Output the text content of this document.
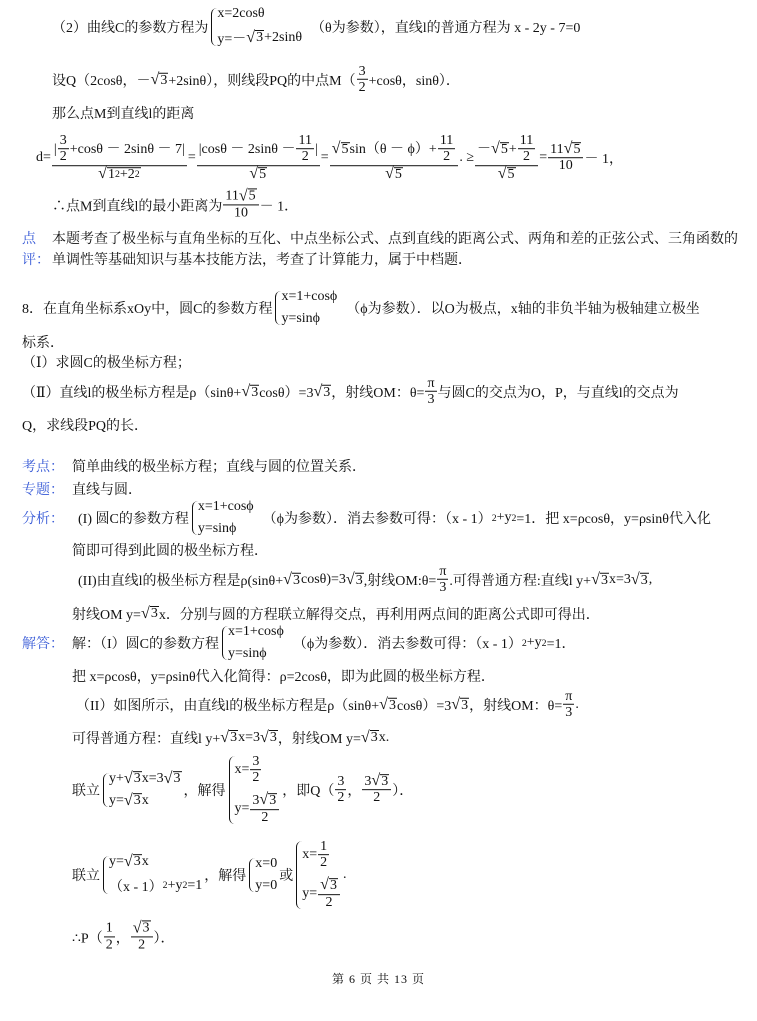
（2）曲线C的参数方程为
x=2cosθ
y=－ √ 3 +2sinθ
　（θ为参数），直线l的普通方程为 x - 2y - 7=0
设Q（2cosθ，－ √ 3 +2sinθ），则线段PQ的中点$M( \frac{3}{2} +\cos\theta$，sinθ）．
那么点M到直线l的距离
$d= \frac{| \frac{3}{2} +\cos\theta - 2\sin\theta - 7|}{√ 1 2 +2 2} = \frac{|\cos\theta - 2\sin\theta - \frac{11}{2} |}{√ 5} = \frac{√ 5 \sin(\theta - \phi)+ \frac{11}{2}}{√ 5}$ . ≥ $\frac{- √ 5 + \frac{11}{2}}{√ 5} = \frac{11 √ 5}{10} - 1$，
∴点M到直线l的最小距离为 $\frac{11 √ 5}{10} - 1$．
本题考查了极坐标与直角坐标的互化、中点坐标公式、点到直线的距离公式、两角和差的正弦公式、三角函数的
点
单调性等基础知识与基本技能方法，考查了计算能力，属于中档题．
评：
8．在直角坐标系xOy中，圆C的参数方程
x=1+cosϕ
y=sinϕ
　（ϕ为参数）．以O为极点，x轴的非负半轴为极轴建立极坐
标系．
（Ⅰ）求圆C的极坐标方程；
（Ⅱ）直线l的极坐标方程是ρ（sinθ+ √ 3 cosθ）=3 √ 3 ，射线OM：$\theta= \frac{\pi}{3}$ 与圆C的交点为O，P，与直线l的交点为
Q，求线段PQ的长．
简单曲线的极坐标方程；直线与圆的位置关系．
考点：
直线与圆．
专题：
(I) 圆C的参数方程
x=1+cosϕ
y=sinϕ
　（ϕ为参数）．消去参数可得：（x - 1） 2 +y 2 =1．把 x=ρcosθ，y=ρsinθ代入化
分析：
简即可得到此圆的极坐标方程．
(II)由直线l的极坐标方程是ρ(sinθ+ √ 3 cosθ)=3 √ 3 ,射线OM:θ= $\frac{\pi}{3}$ .可得普通方程:直线l y+ √ 3 x=3 √ 3 ,
射线OM y= √ 3 x．分别与圆的方程联立解得交点，再利用两点间的距离公式即可得出．
解：（I）圆C的参数方程
x=1+cosϕ
y=sinϕ
　（ϕ为参数）．消去参数可得：（x - 1） 2 +y 2 =1．
解答：
把 x=ρcosθ，y=ρsinθ代入化简得：ρ=2cosθ，即为此圆的极坐标方程．
（II）如图所示，由直线l的极坐标方程是ρ（sinθ+ √ 3 cosθ）=3 √ 3 ，射线OM：$\theta= \frac{\pi}{3}$ .
可得普通方程：直线l y+ √ 3 x=3 √ 3 ，射线OM y= √ 3 x.
联立
y+ √ 3 x=3 √ 3
y= √ 3 x
，解得
$x= \frac{3}{2}$
$y= \frac{3 √ 3}{2}$
，即$Q( \frac{3}{2}$ ， $\frac{3 √ 3}{2}$ ）．
联立
y= √ 3 x
（x - 1） 2 +y 2 =1
，解得
x=0
y=0
或
$x= \frac{1}{2}$
$y= \frac{√ 3}{2}$
.
∴P（ $\frac{1}{2}$ ， $\frac{√ 3}{2}$ ）．
第 6 页 共 13 页
